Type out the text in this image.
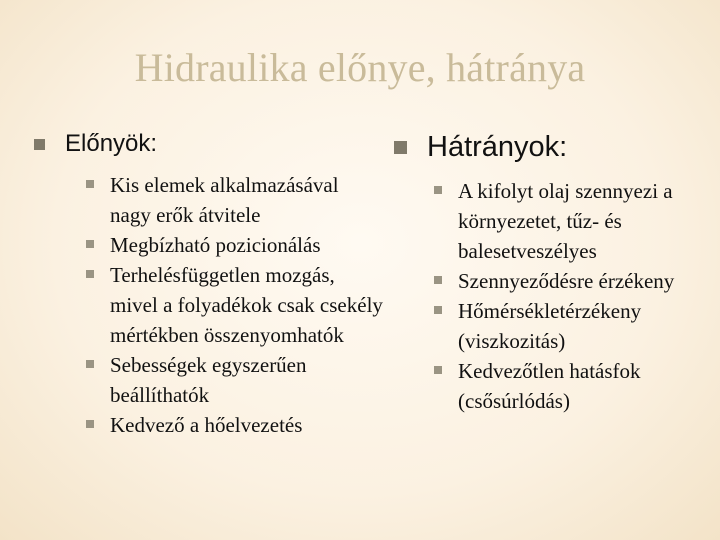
Hidraulika előnye, hátránya
Előnyök:
Kis elemek alkalmazásával nagy erők átvitele
Megbízható pozicionálás
Terhelésfüggetlen mozgás, mivel a folyadékok csak csekély mértékben összenyomhatók
Sebességek egyszerűen beállíthatók
Kedvező a hőelvezetés
Hátrányok:
A kifolyt olaj szennyezi a környezetet, tűz- és balesetveszélyes
Szennyeződésre érzékeny
Hőmérsékletérzékeny (viszkozitás)
Kedvezőtlen hatásfok (csősúrlódás)
